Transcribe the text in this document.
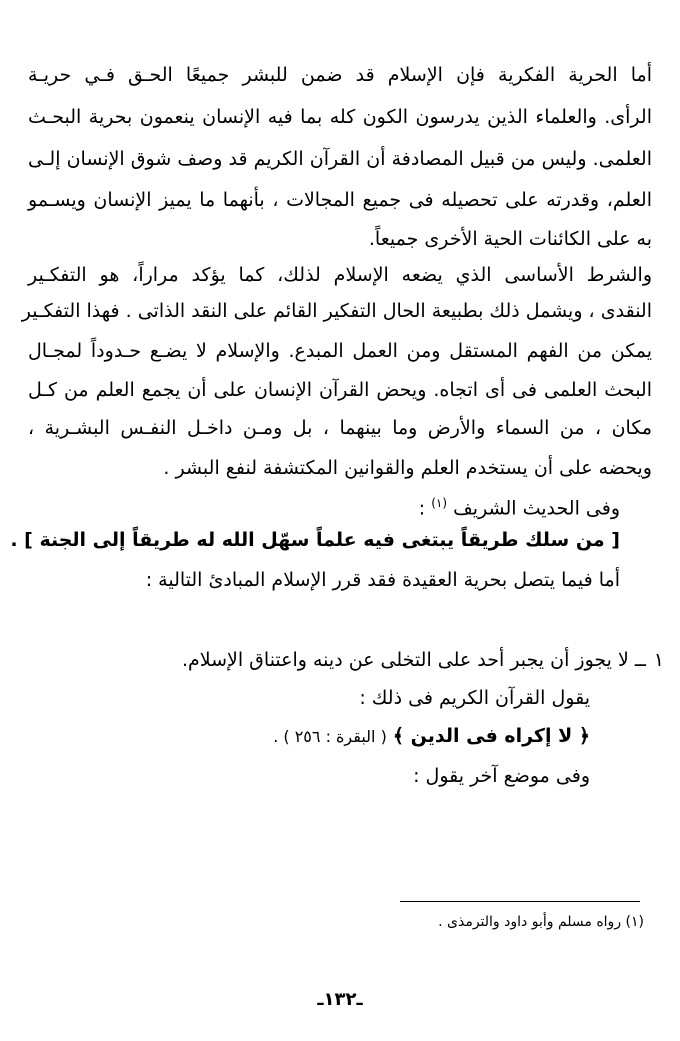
أما الحرية الفكرية فإن الإسلام قد ضمن للبشر جميعًا الحـق فـي حريـة
الرأى. والعلماء الذين يدرسون الكون كله بما فيه الإنسان ينعمون بحرية البحـث
العلمى. وليس من قبيل المصادفة أن القرآن الكريم قد وصف شوق الإنسان إلـى
العلم، وقدرته على تحصيله فى جميع المجالات ، بأنهما ما يميز الإنسان ويسـمو
به على الكائنات الحية الأخرى جميعاً.
والشرط الأساسى الذي يضعه الإسلام لذلك، كما يؤكد مراراً، هو التفكـير
النقدى ، ويشمل ذلك بطبيعة الحال التفكير القائم على النقد الذاتى . فهذا التفكـير
يمكن من الفهم المستقل ومن العمل المبدع. والإسلام لا يضـع حـدوداً لمجـال
البحث العلمى فى أى اتجاه. ويحض القرآن الإنسان على أن يجمع العلم من كـل
مكان ، من السماء والأرض وما بينهما ، بل ومـن داخـل النفـس البشـرية ،
ويحضه على أن يستخدم العلم والقوانين المكتشفة لنفع البشر .
وفى الحديث الشريف $^{(١)}$ :
[ من سلك طريقاً يبتغى فيه علماً سهّل الله له طريقاً إلى الجنة ] .
أما فيما يتصل بحرية العقيدة فقد قرر الإسلام المبادئ التالية :
١
ــ لا يجوز أن يجبر أحد على التخلى عن دينه واعتناق الإسلام.
يقول القرآن الكريم فى ذلك :
﴿ لا إكراه فى الدين ﴾ ( البقرة : ٢٥٦ ) .
وفى موضع آخر يقول :
(١) رواه مسلم وأبو داود والترمذى .
ـ١٣٢ـ
